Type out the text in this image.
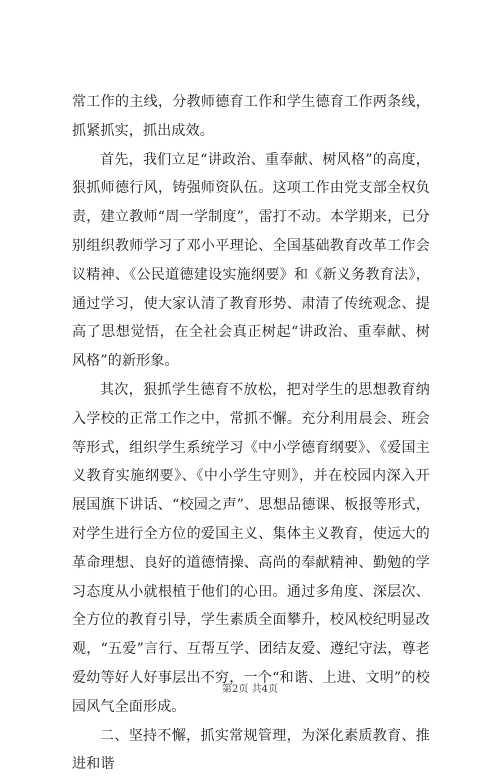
常工作的主线，分教师德育工作和学生德育工作两条线，抓紧抓实，抓出成效。

首先，我们立足“讲政治、重奉献、树风格”的高度，狠抓师德行风，铸强师资队伍。这项工作由党支部全权负责，建立教师“周一学制度”，雷打不动。本学期来，已分别组织教师学习了邓小平理论、全国基础教育改革工作会议精神、《公民道德建设实施纲要》和《新义务教育法》，通过学习，使大家认清了教育形势、肃清了传统观念、提高了思想觉悟，在全社会真正树起“讲政治、重奉献、树风格”的新形象。

其次，狠抓学生德育不放松，把对学生的思想教育纳入学校的正常工作之中，常抓不懈。充分利用晨会、班会等形式，组织学生系统学习《中小学德育纲要》、《爱国主义教育实施纲要》、《中小学生守则》，并在校园内深入开展国旗下讲话、“校园之声”、思想品德课、板报等形式，对学生进行全方位的爱国主义、集体主义教育，使远大的革命理想、良好的道德情操、高尚的奉献精神、勤勉的学习态度从小就根植于他们的心田。通过多角度、深层次、全方位的教育引导，学生素质全面攀升，校风校纪明显改观，“五爱”言行、互帮互学、团结友爱、遵纪守法，尊老爱幼等好人好事层出不穷，一个“和谐、上进、文明”的校园风气全面形成。

二、坚持不懈，抓实常规管理，为深化素质教育、推进和谐

第2页 共4页
